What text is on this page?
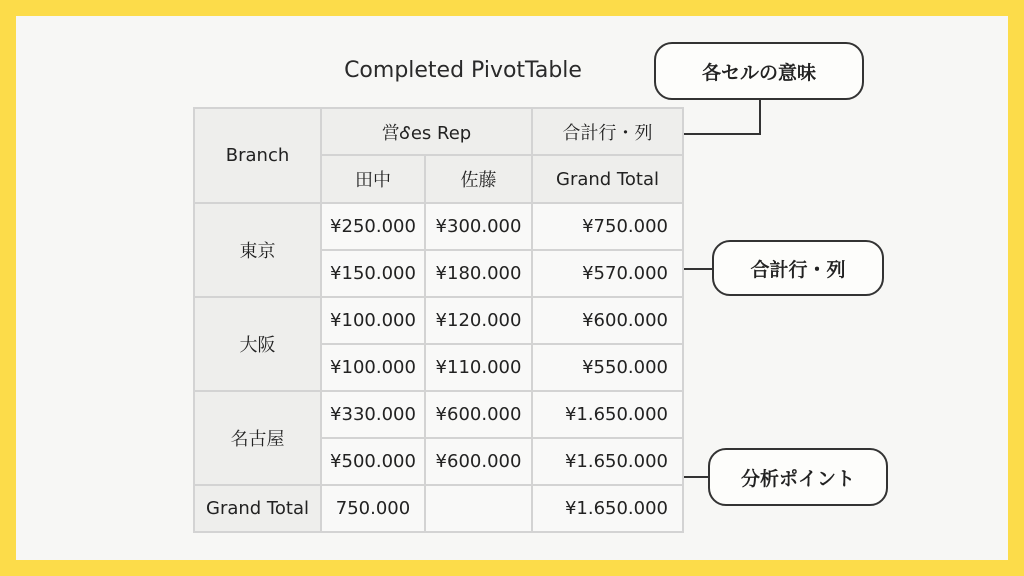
Completed PivotTable
Branch	営Ꮄes Rep		合計行・列
	田中	佐藤	Grand Total
東京	¥250.000	¥300.000	¥750.000
	¥150.000	¥180.000	¥570.000
大阪	¥100.000	¥120.000	¥600.000
	¥100.000	¥110.000	¥550.000
名古屋	¥330.000	¥600.000	¥1.650.000
	¥500.000	¥600.000	¥1.650.000
Grand Total	750.000		¥1.650.000
各セルの意味
合計行・列
分析ポイント
